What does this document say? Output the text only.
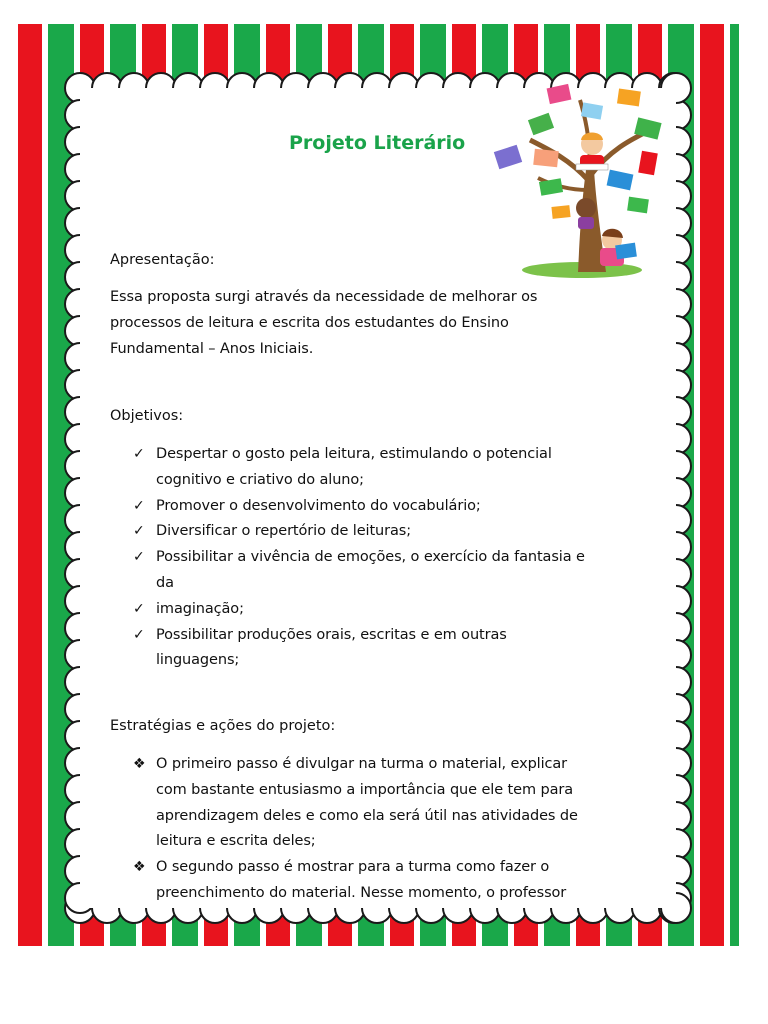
Projeto Literário
Apresentação:
Essa proposta surgi através da necessidade de melhorar os
processos de leitura e escrita dos estudantes do Ensino
Fundamental – Anos Iniciais.
Objetivos:
✓ Despertar o gosto pela leitura, estimulando o potencial
cognitivo e criativo do aluno;
✓ Promover o desenvolvimento do vocabulário;
✓ Diversificar o repertório de leituras;
✓ Possibilitar a vivência de emoções, o exercício da fantasia e
da
✓ imaginação;
✓ Possibilitar produções orais, escritas e em outras
linguagens;
Estratégias e ações do projeto:
❖ O primeiro passo é divulgar na turma o material, explicar
com bastante entusiasmo a importância que ele tem para
aprendizagem deles e como ela será útil nas atividades de
leitura e escrita deles;
❖ O segundo passo é mostrar para a turma como fazer o
preenchimento do material. Nesse momento, o professor
